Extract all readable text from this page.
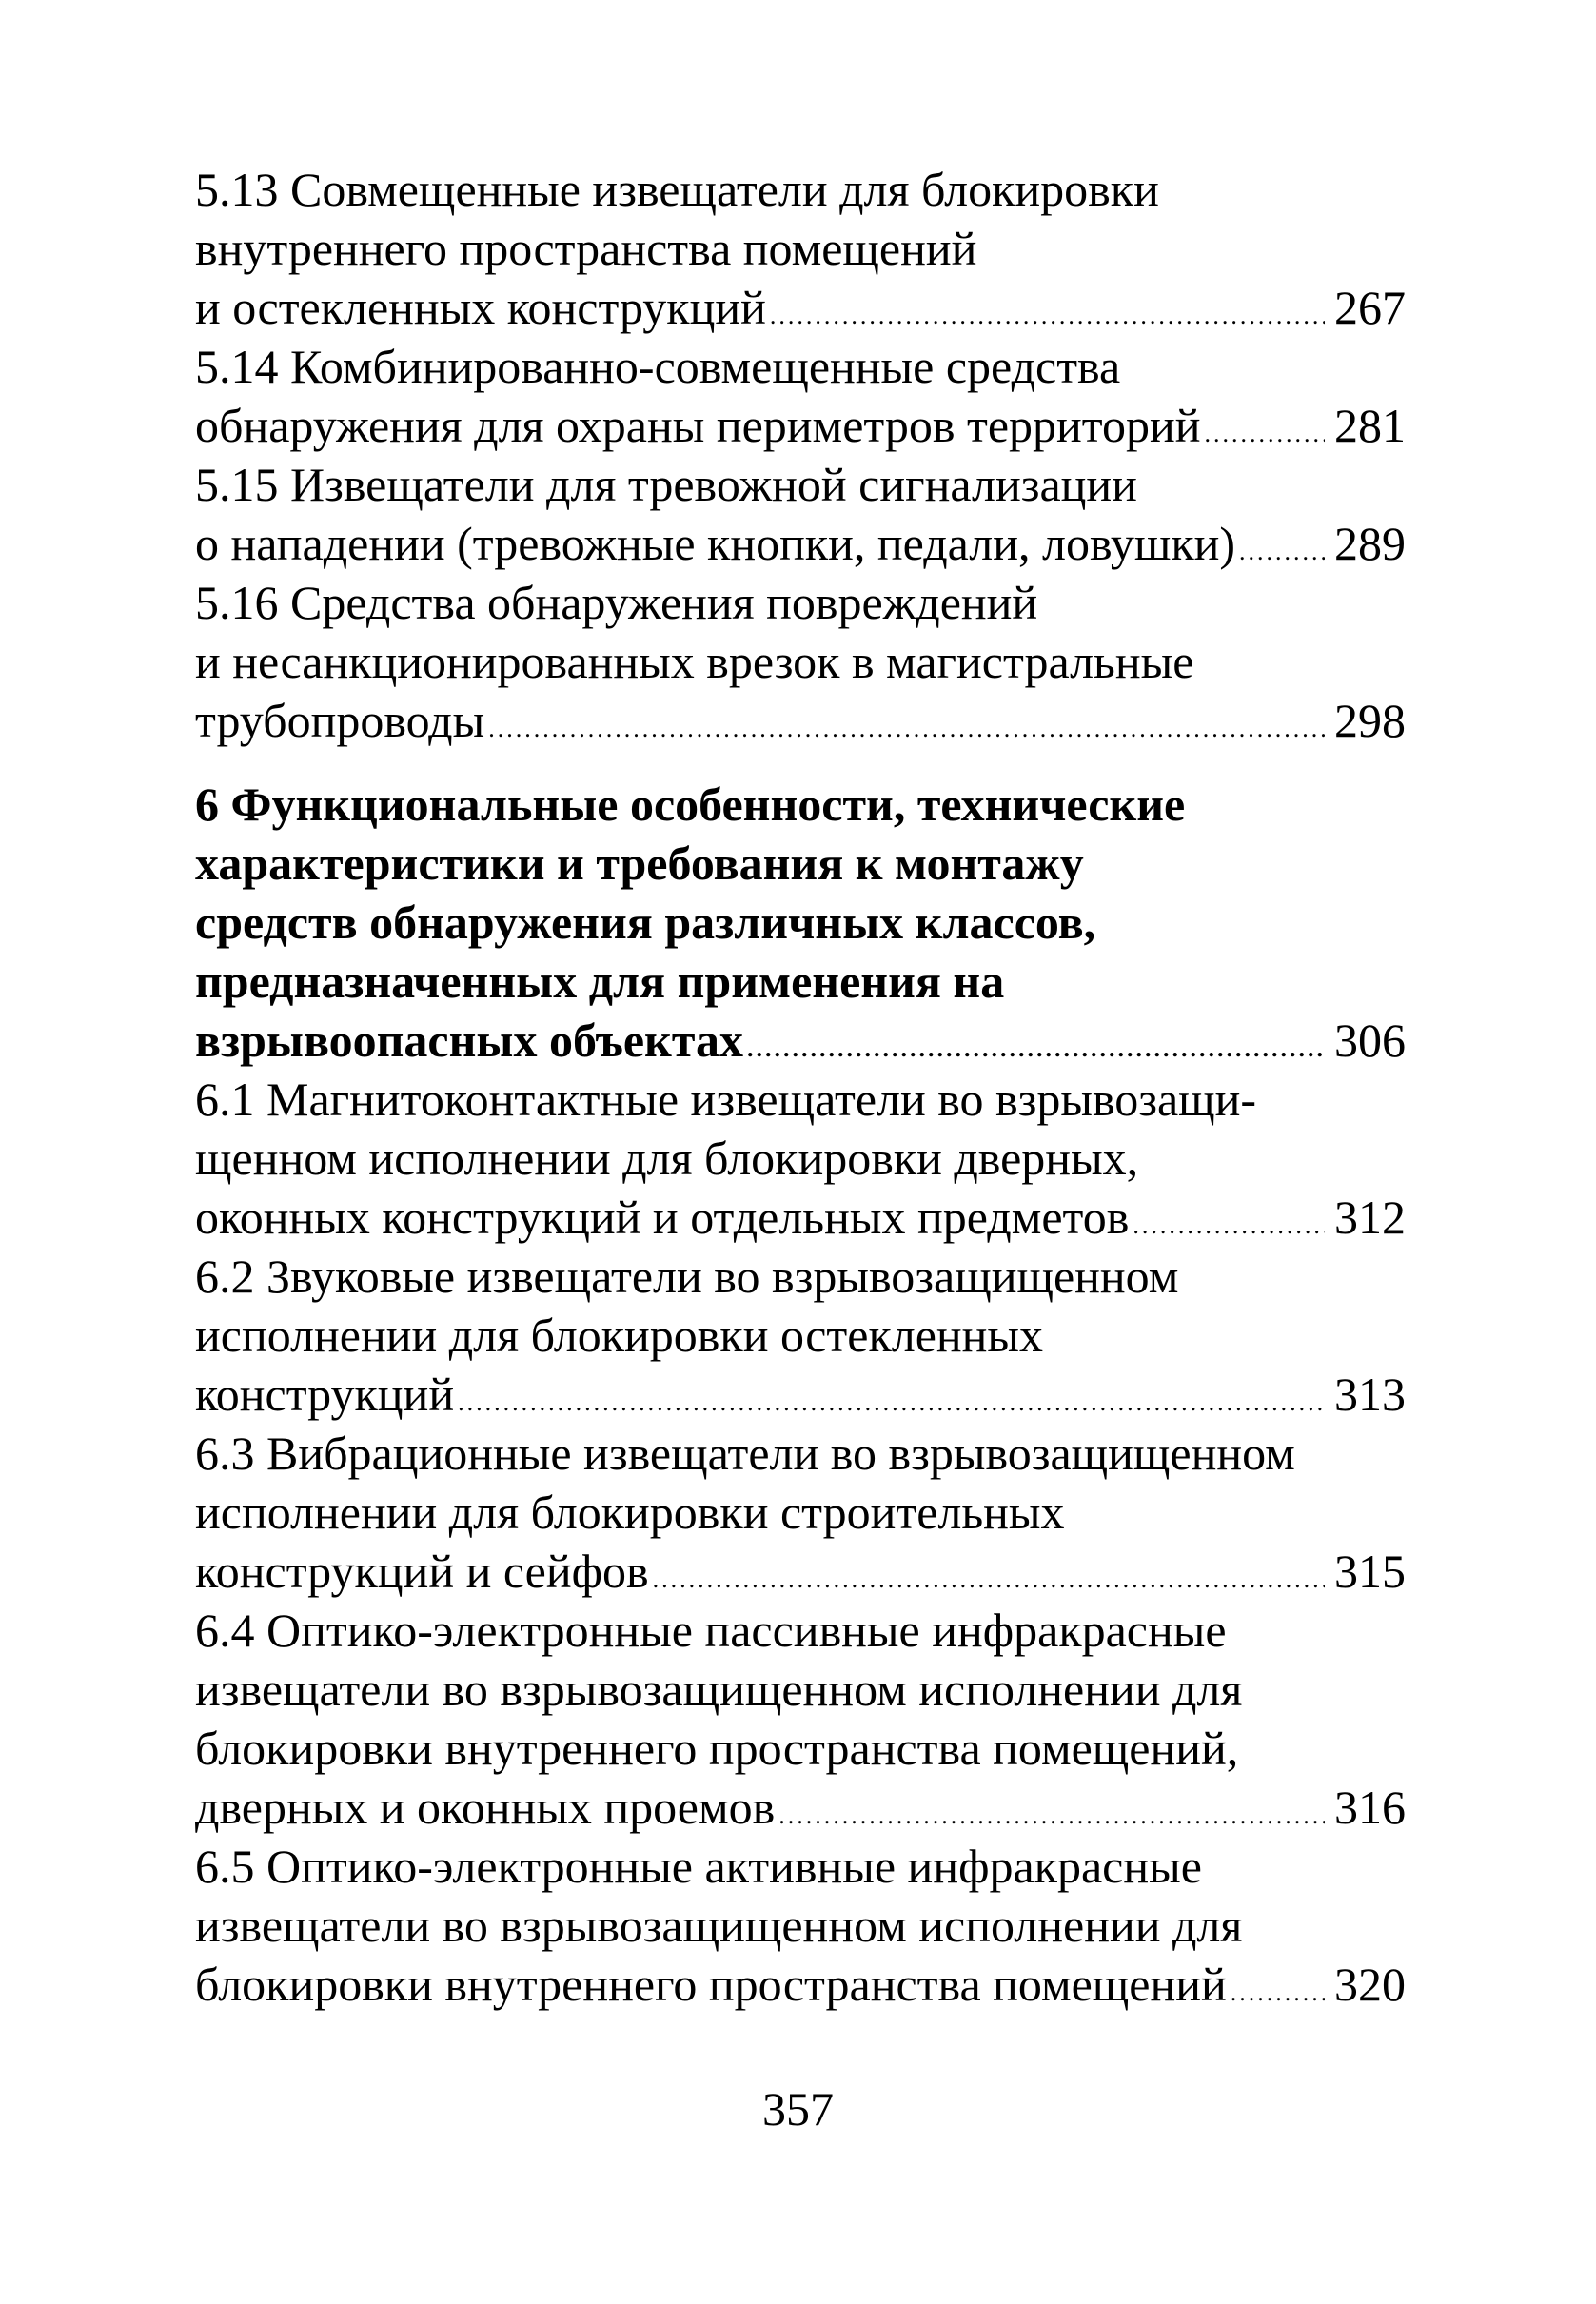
5.13 Совмещенные извещатели для блокировки
внутреннего пространства помещений
и остекленных конструкций .....	267
5.14 Комбинированно-совмещенные средства
обнаружения для охраны периметров территорий .....	281
5.15 Извещатели для тревожной сигнализации
о нападении (тревожные кнопки, педали, ловушки) ..... 289
5.16 Средства обнаружения повреждений
и несанкционированных врезок в магистральные
трубопроводы .....	298
6 Функциональные особенности, технические
характеристики и требования к монтажу
средств обнаружения различных классов,
предназначенных для применения на
взрывоопасных объектах .....	306
6.1 Магнитоконтактные извещатели во взрывозащи-
щенном исполнении для блокировки дверных,
оконных конструкций и отдельных предметов .....	312
6.2 Звуковые извещатели во взрывозащищенном
исполнении для блокировки остекленных
конструкций .....	313
6.3 Вибрационные извещатели во взрывозащищенном
исполнении для блокировки строительных
конструкций и сейфов .....	315
6.4 Оптико-электронные пассивные инфракрасные
извещатели во взрывозащищенном исполнении для
блокировки внутреннего пространства помещений,
дверных и оконных проемов .....	316
6.5 Оптико-электронные активные инфракрасные
извещатели во взрывозащищенном исполнении для
блокировки внутреннего пространства помещений ..... 320
357
